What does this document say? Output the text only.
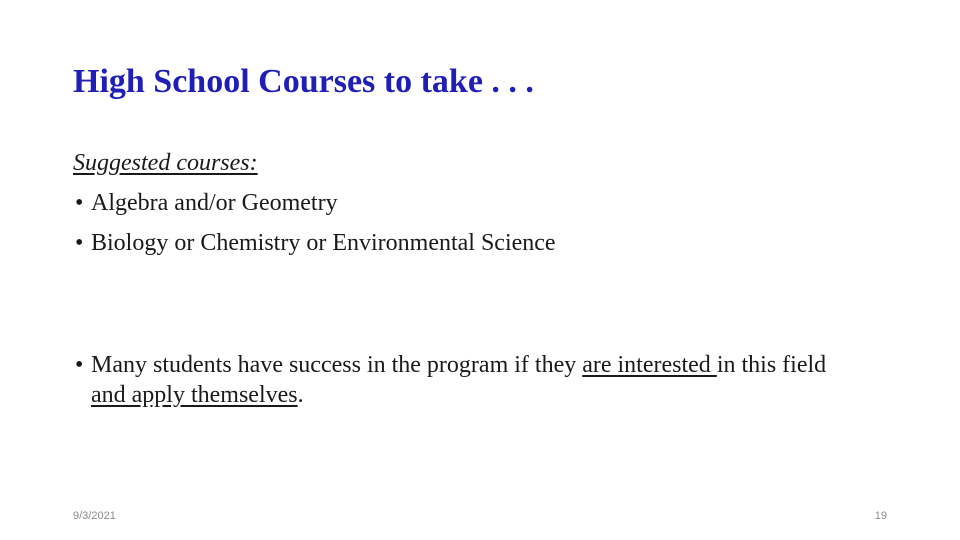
High School Courses to take . . .
Suggested courses:
• Algebra and/or Geometry
• Biology or Chemistry or Environmental Science
• Many students have success in the program if they are interested in this field and apply themselves.
9/3/2021	19
